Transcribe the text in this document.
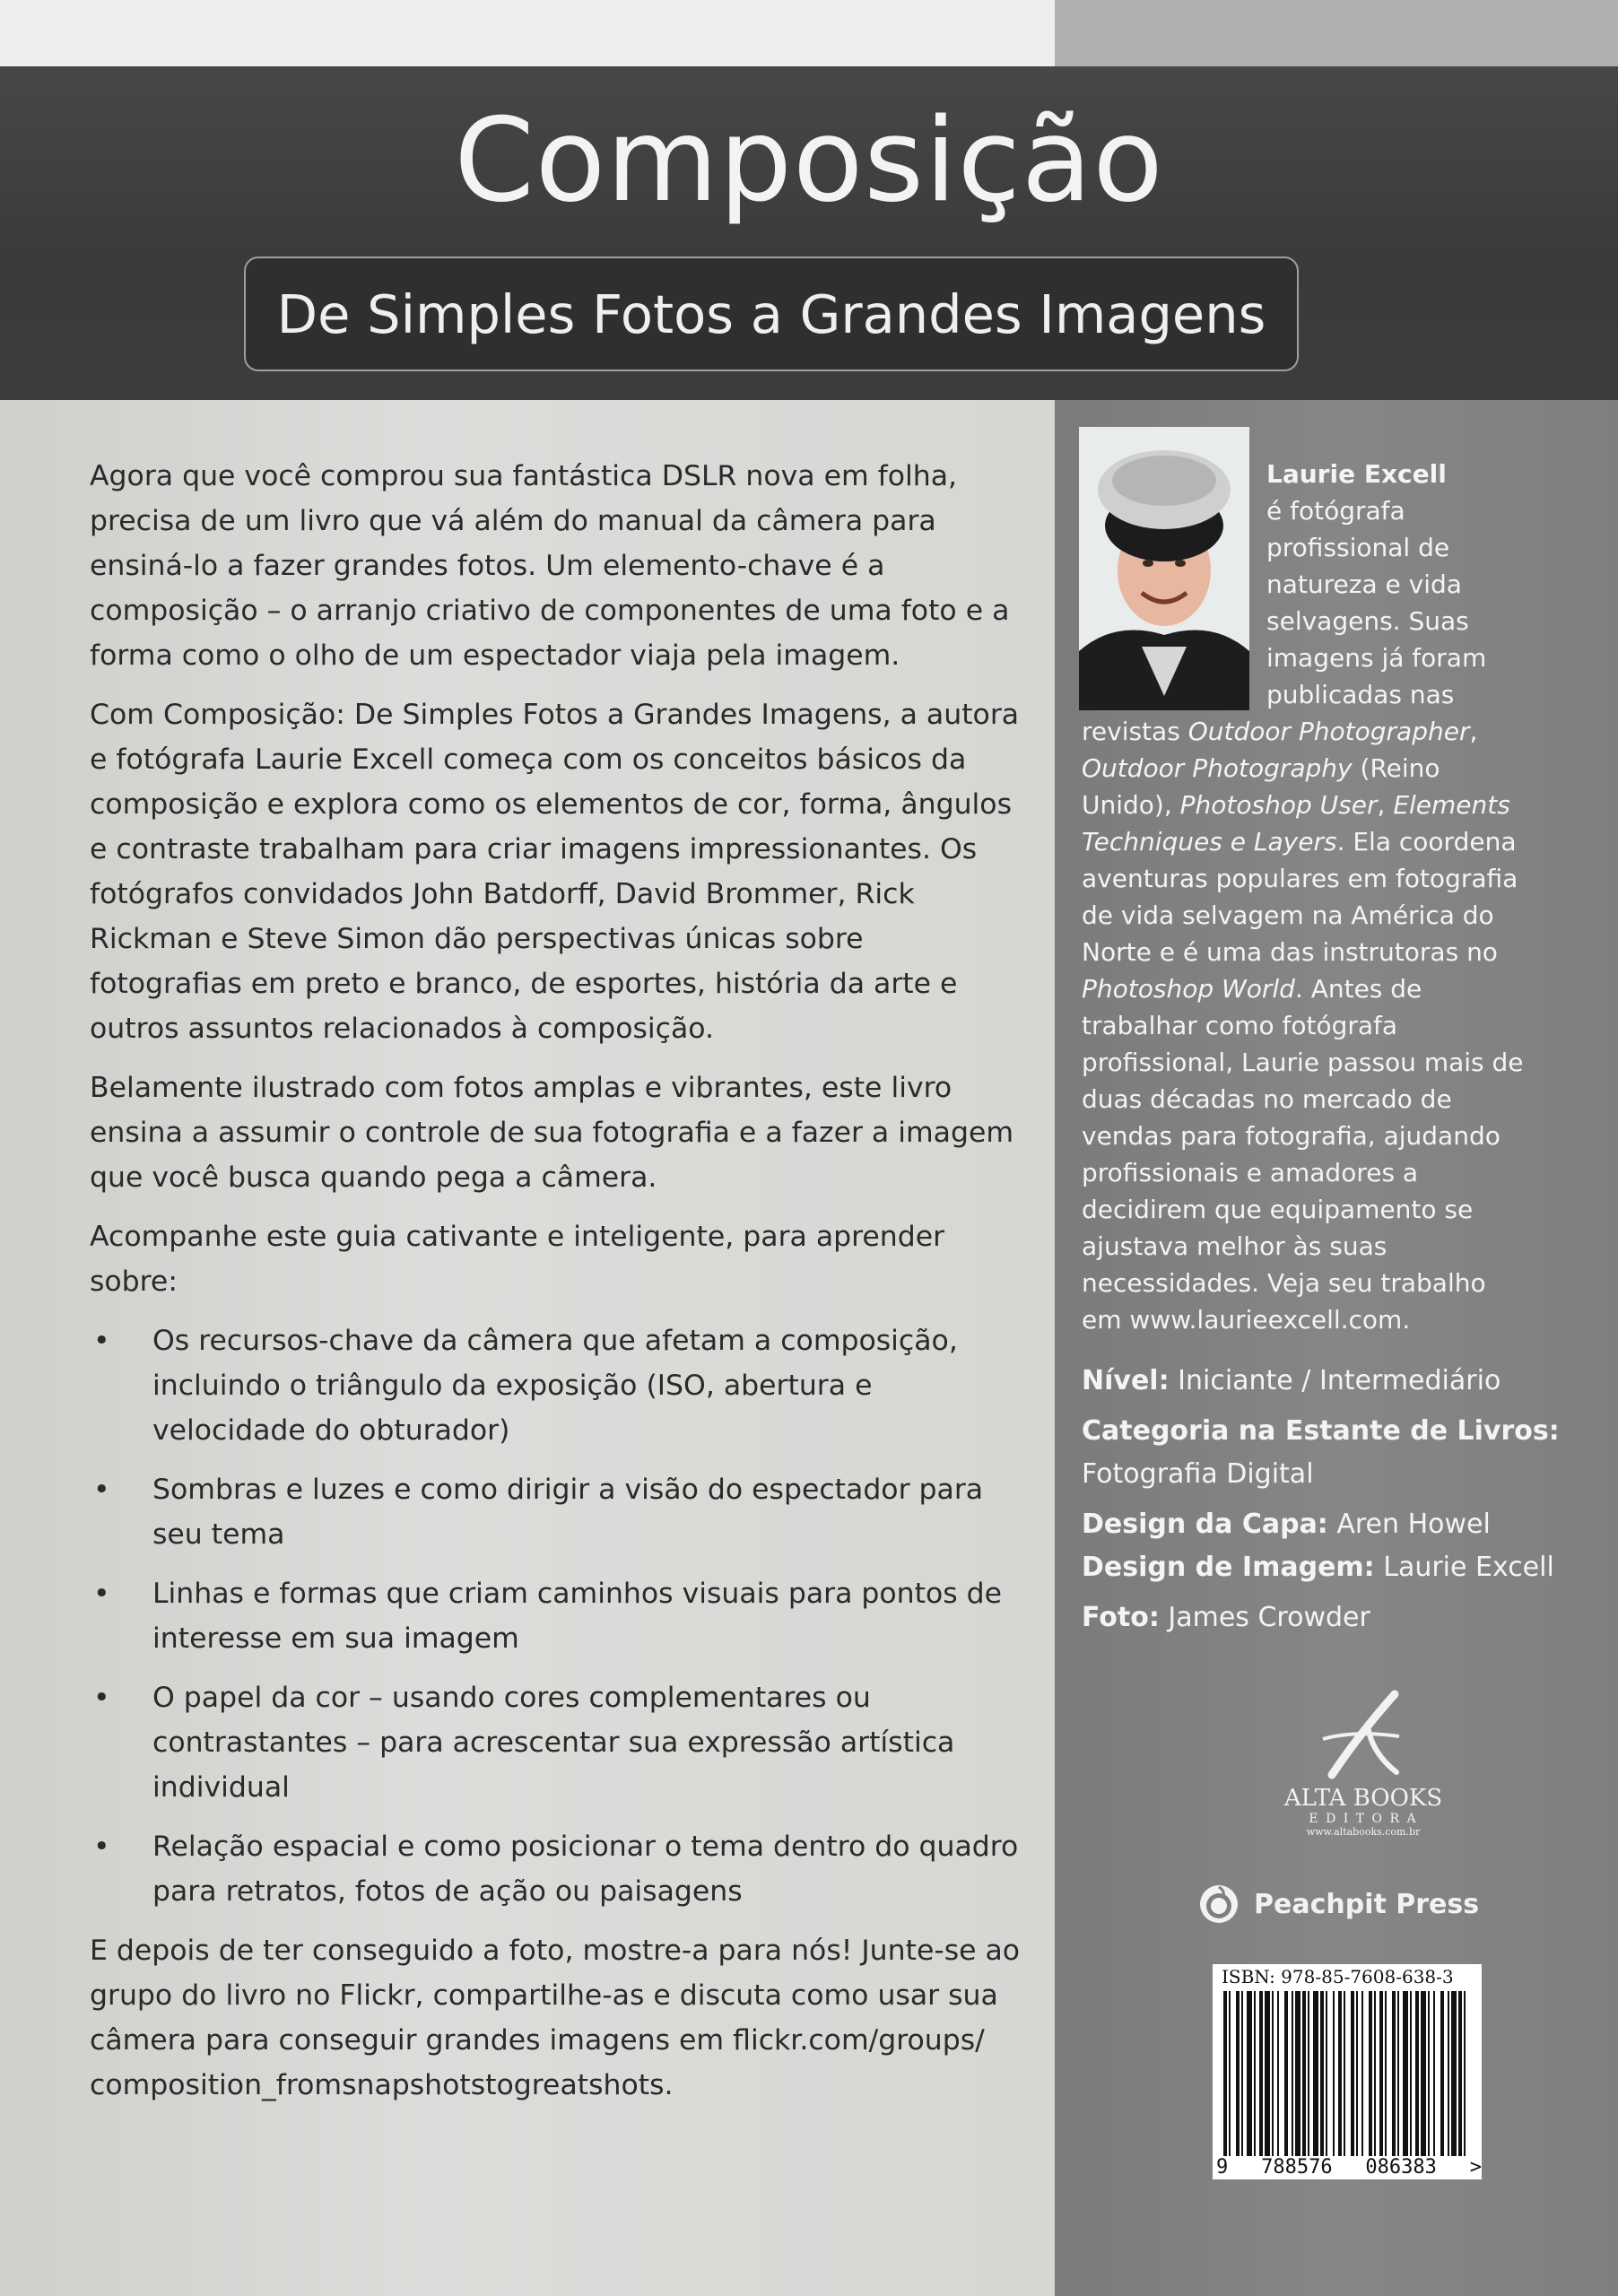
Composição
De Simples Fotos a Grandes Imagens

Agora que você comprou sua fantástica DSLR nova em folha, precisa de um livro que vá além do manual da câmera para ensiná-lo a fazer grandes fotos. Um elemento-chave é a composição – o arranjo criativo de componentes de uma foto e a forma como o olho de um espectador viaja pela imagem.

Com Composição: De Simples Fotos a Grandes Imagens, a autora e fotógrafa Laurie Excell começa com os conceitos básicos da composição e explora como os elementos de cor, forma, ângulos e contraste trabalham para criar imagens impressionantes. Os fotógrafos convidados John Batdorff, David Brommer, Rick Rickman e Steve Simon dão perspectivas únicas sobre fotografias em preto e branco, de esportes, história da arte e outros assuntos relacionados à composição.

Belamente ilustrado com fotos amplas e vibrantes, este livro ensina a assumir o controle de sua fotografia e a fazer a imagem que você busca quando pega a câmera.

Acompanhe este guia cativante e inteligente, para aprender sobre:

• Os recursos-chave da câmera que afetam a composição, incluindo o triângulo da exposição (ISO, abertura e velocidade do obturador)
• Sombras e luzes e como dirigir a visão do espectador para seu tema
• Linhas e formas que criam caminhos visuais para pontos de interesse em sua imagem
• O papel da cor – usando cores complementares ou contrastantes – para acrescentar sua expressão artística individual
• Relação espacial e como posicionar o tema dentro do quadro para retratos, fotos de ação ou paisagens

E depois de ter conseguido a foto, mostre-a para nós! Junte-se ao grupo do livro no Flickr, compartilhe-as e discuta como usar sua câmera para conseguir grandes imagens em flickr.com/groups/ composition_fromsnapshotstogreatshots.

Laurie Excell
é fotógrafa profissional de natureza e vida selvagens. Suas imagens já foram publicadas nas
revistas Outdoor Photographer, Outdoor Photography (Reino Unido), Photoshop User, Elements Techniques e Layers. Ela coordena aventuras populares em fotografia de vida selvagem na América do Norte e é uma das instrutoras no Photoshop World. Antes de trabalhar como fotógrafa profissional, Laurie passou mais de duas décadas no mercado de vendas para fotografia, ajudando profissionais e amadores a decidirem que equipamento se ajustava melhor às suas necessidades. Veja seu trabalho em www.laurieexcell.com.
Nível: Iniciante / Intermediário
Categoria na Estante de Livros:
Fotografia Digital
Design da Capa: Aren Howel
Design de Imagem: Laurie Excell
Foto: James Crowder
ALTA BOOKS
E D I T O R A
www.altabooks.com.br
Peachpit Press
ISBN: 978-85-7608-638-3
9 788576 086383 >
